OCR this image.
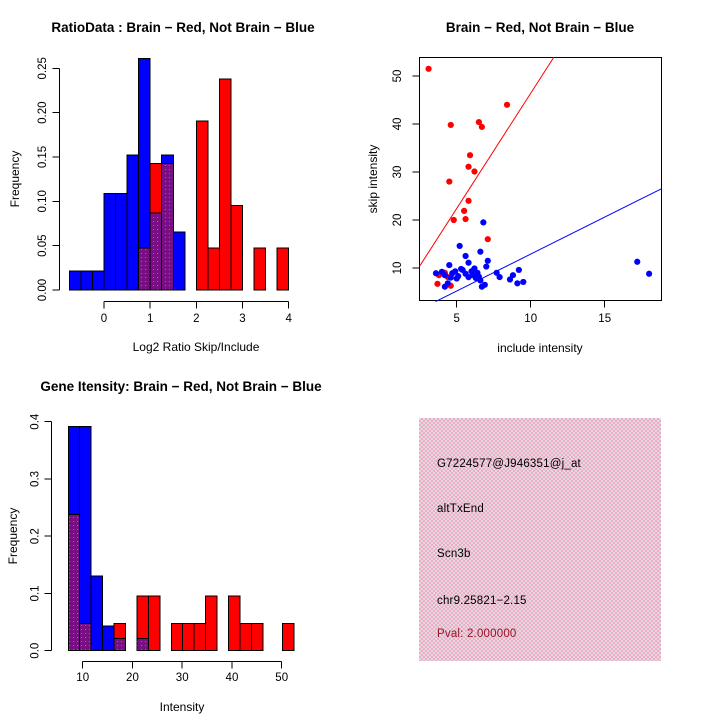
0.00
0.05
0.10
0.15
0.20
0.25
0	1	2	3	4
Log2 Ratio Skip/Include
Frequency
RatioData : Brain − Red, Not Brain − Blue
5	10	15
10
20
30
40
50
include intensity
skip intensity
Brain − Red, Not Brain − Blue
0.0
0.1
0.2
0.3
0.4
10	20	30	40	50
Intensity
Frequency
Gene Itensity: Brain − Red, Not Brain − Blue
G7224577@J946351@j_at
altTxEnd
Scn3b
chr9.25821−2.15
Pval: 2.000000
